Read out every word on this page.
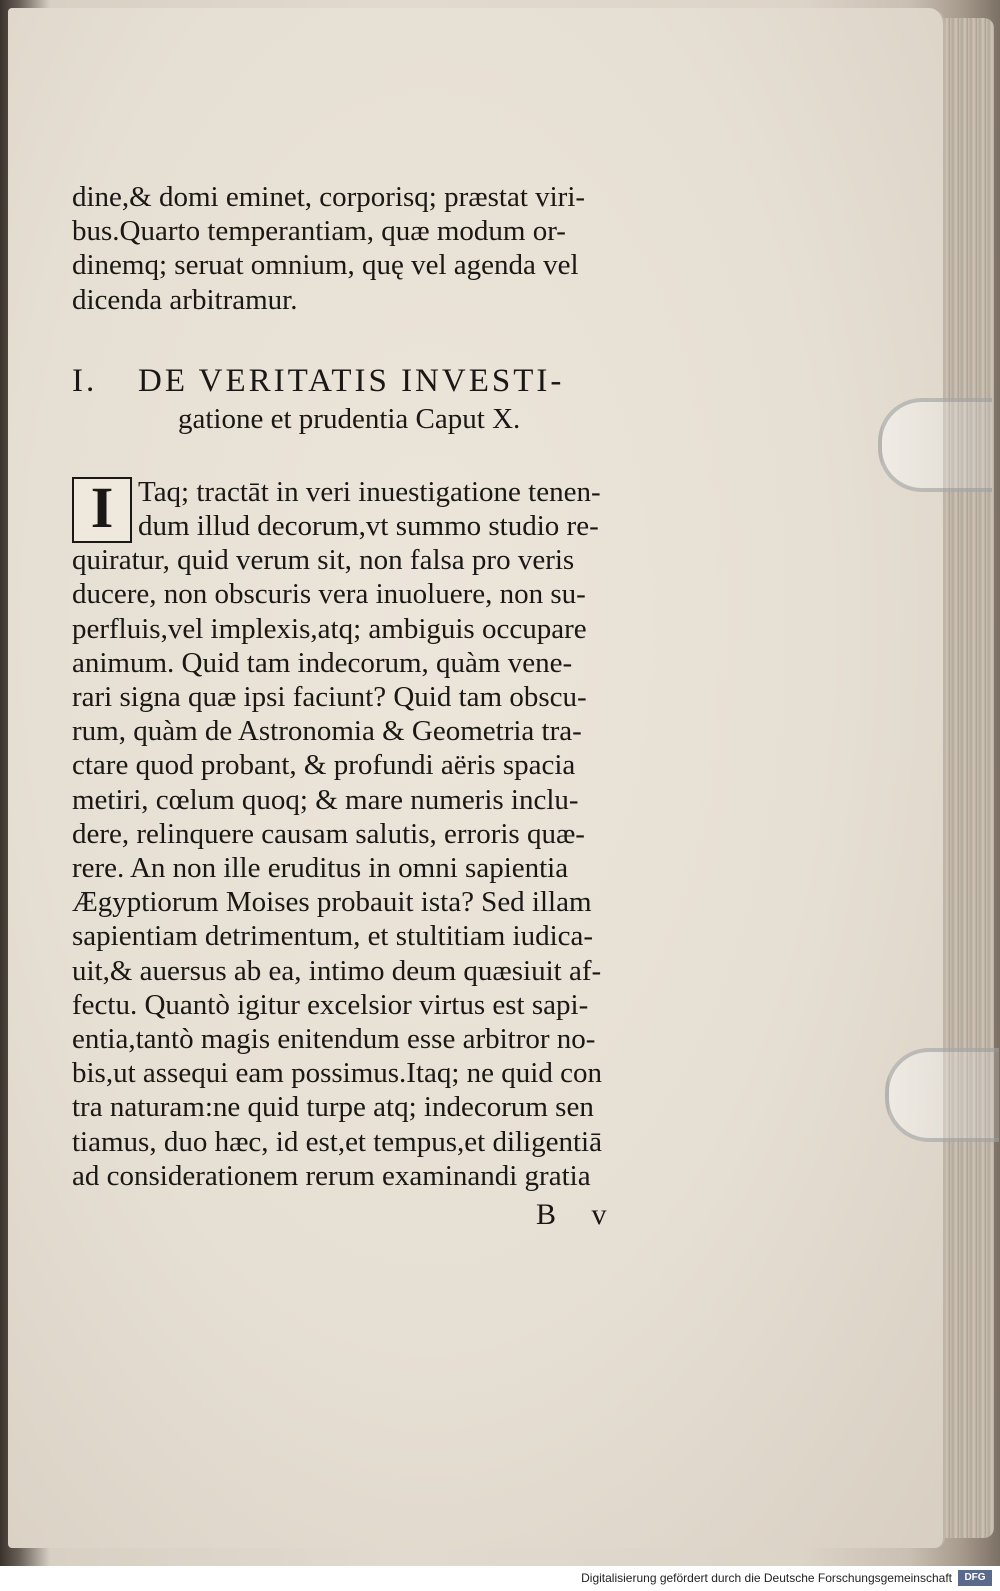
dine,& domi eminet, corporisq; præstat viri-
bus.Quarto temperantiam, quæ modum or-
dinemq; seruat omnium, quę vel agenda vel
dicenda arbitramur.
I. DE VERITATIS INVESTI-
gatione et prudentia Caput X.
I Taq; tractāt in veri inuestigatione tenen-
dum illud decorum,vt summo studio re-
quiratur, quid verum sit, non falsa pro veris
ducere, non obscuris vera inuoluere, non su-
perfluis,vel implexis,atq; ambiguis occupare
animum. Quid tam indecorum, quàm vene-
rari signa quæ ipsi faciunt? Quid tam obscu-
rum, quàm de Astronomia & Geometria tra-
ctare quod probant, & profundi aëris spacia
metiri, cœlum quoq; & mare numeris inclu-
dere, relinquere causam salutis, erroris quæ-
rere. An non ille eruditus in omni sapientia
Ægyptiorum Moises probauit ista? Sed illam
sapientiam detrimentum, et stultitiam iudica-
uit,& auersus ab ea, intimo deum quæsiuit af-
fectu. Quantò igitur excelsior virtus est sapi-
entia,tantò magis enitendum esse arbitror no-
bis,ut assequi eam possimus.Itaq; ne quid con
tra naturam:ne quid turpe atq; indecorum sen
tiamus, duo hæc, id est,et tempus,et diligentiā
ad considerationem rerum examinandi gratia
B v
Digitalisierung gefördert durch die Deutsche Forschungsgemeinschaft	DFG
